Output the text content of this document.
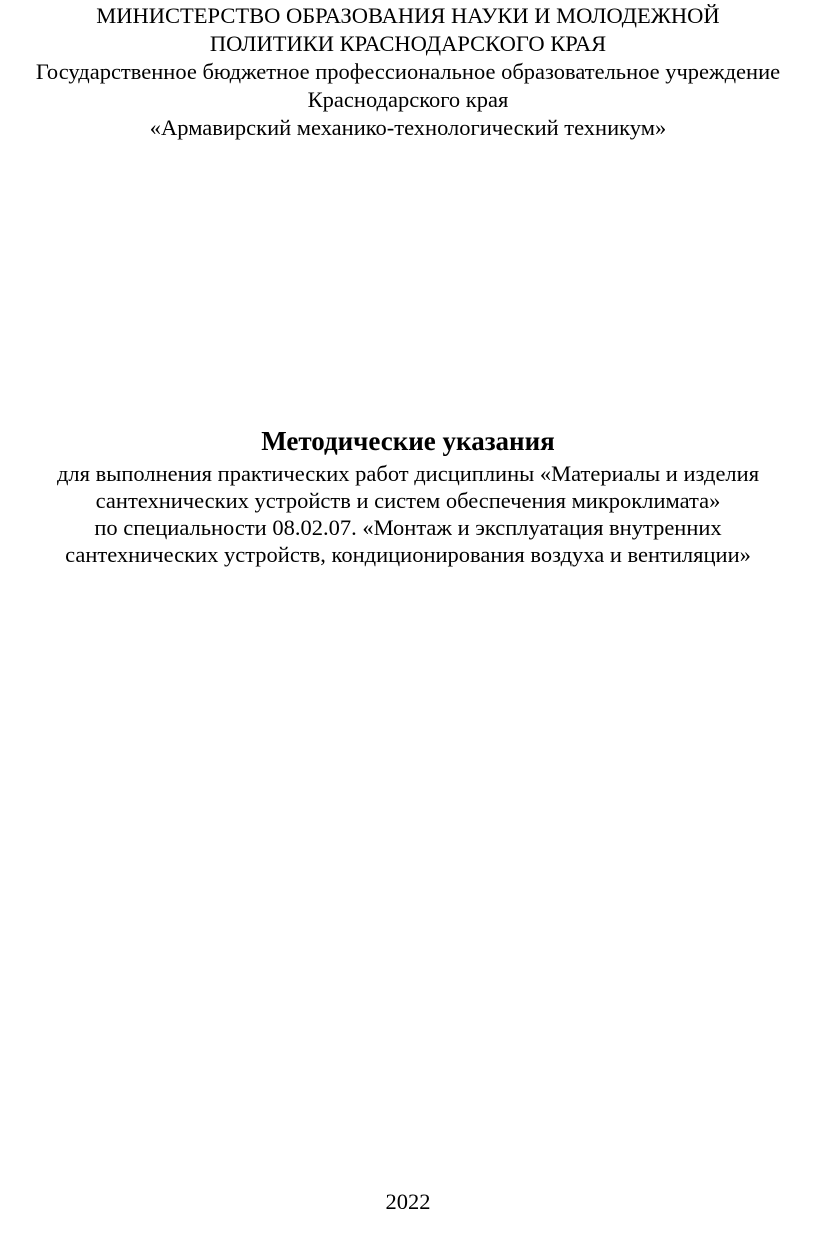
МИНИСТЕРСТВО ОБРАЗОВАНИЯ НАУКИ И МОЛОДЕЖНОЙ
ПОЛИТИКИ КРАСНОДАРСКОГО КРАЯ
Государственное бюджетное профессиональное образовательное учреждение
Краснодарского края
«Армавирский механико-технологический техникум»
Методические указания
для выполнения практических работ дисциплины «Материалы и изделия
сантехнических устройств и систем обеспечения микроклимата»
по специальности 08.02.07. «Монтаж и эксплуатация внутренних
сантехнических устройств, кондиционирования воздуха и вентиляции»
2022
